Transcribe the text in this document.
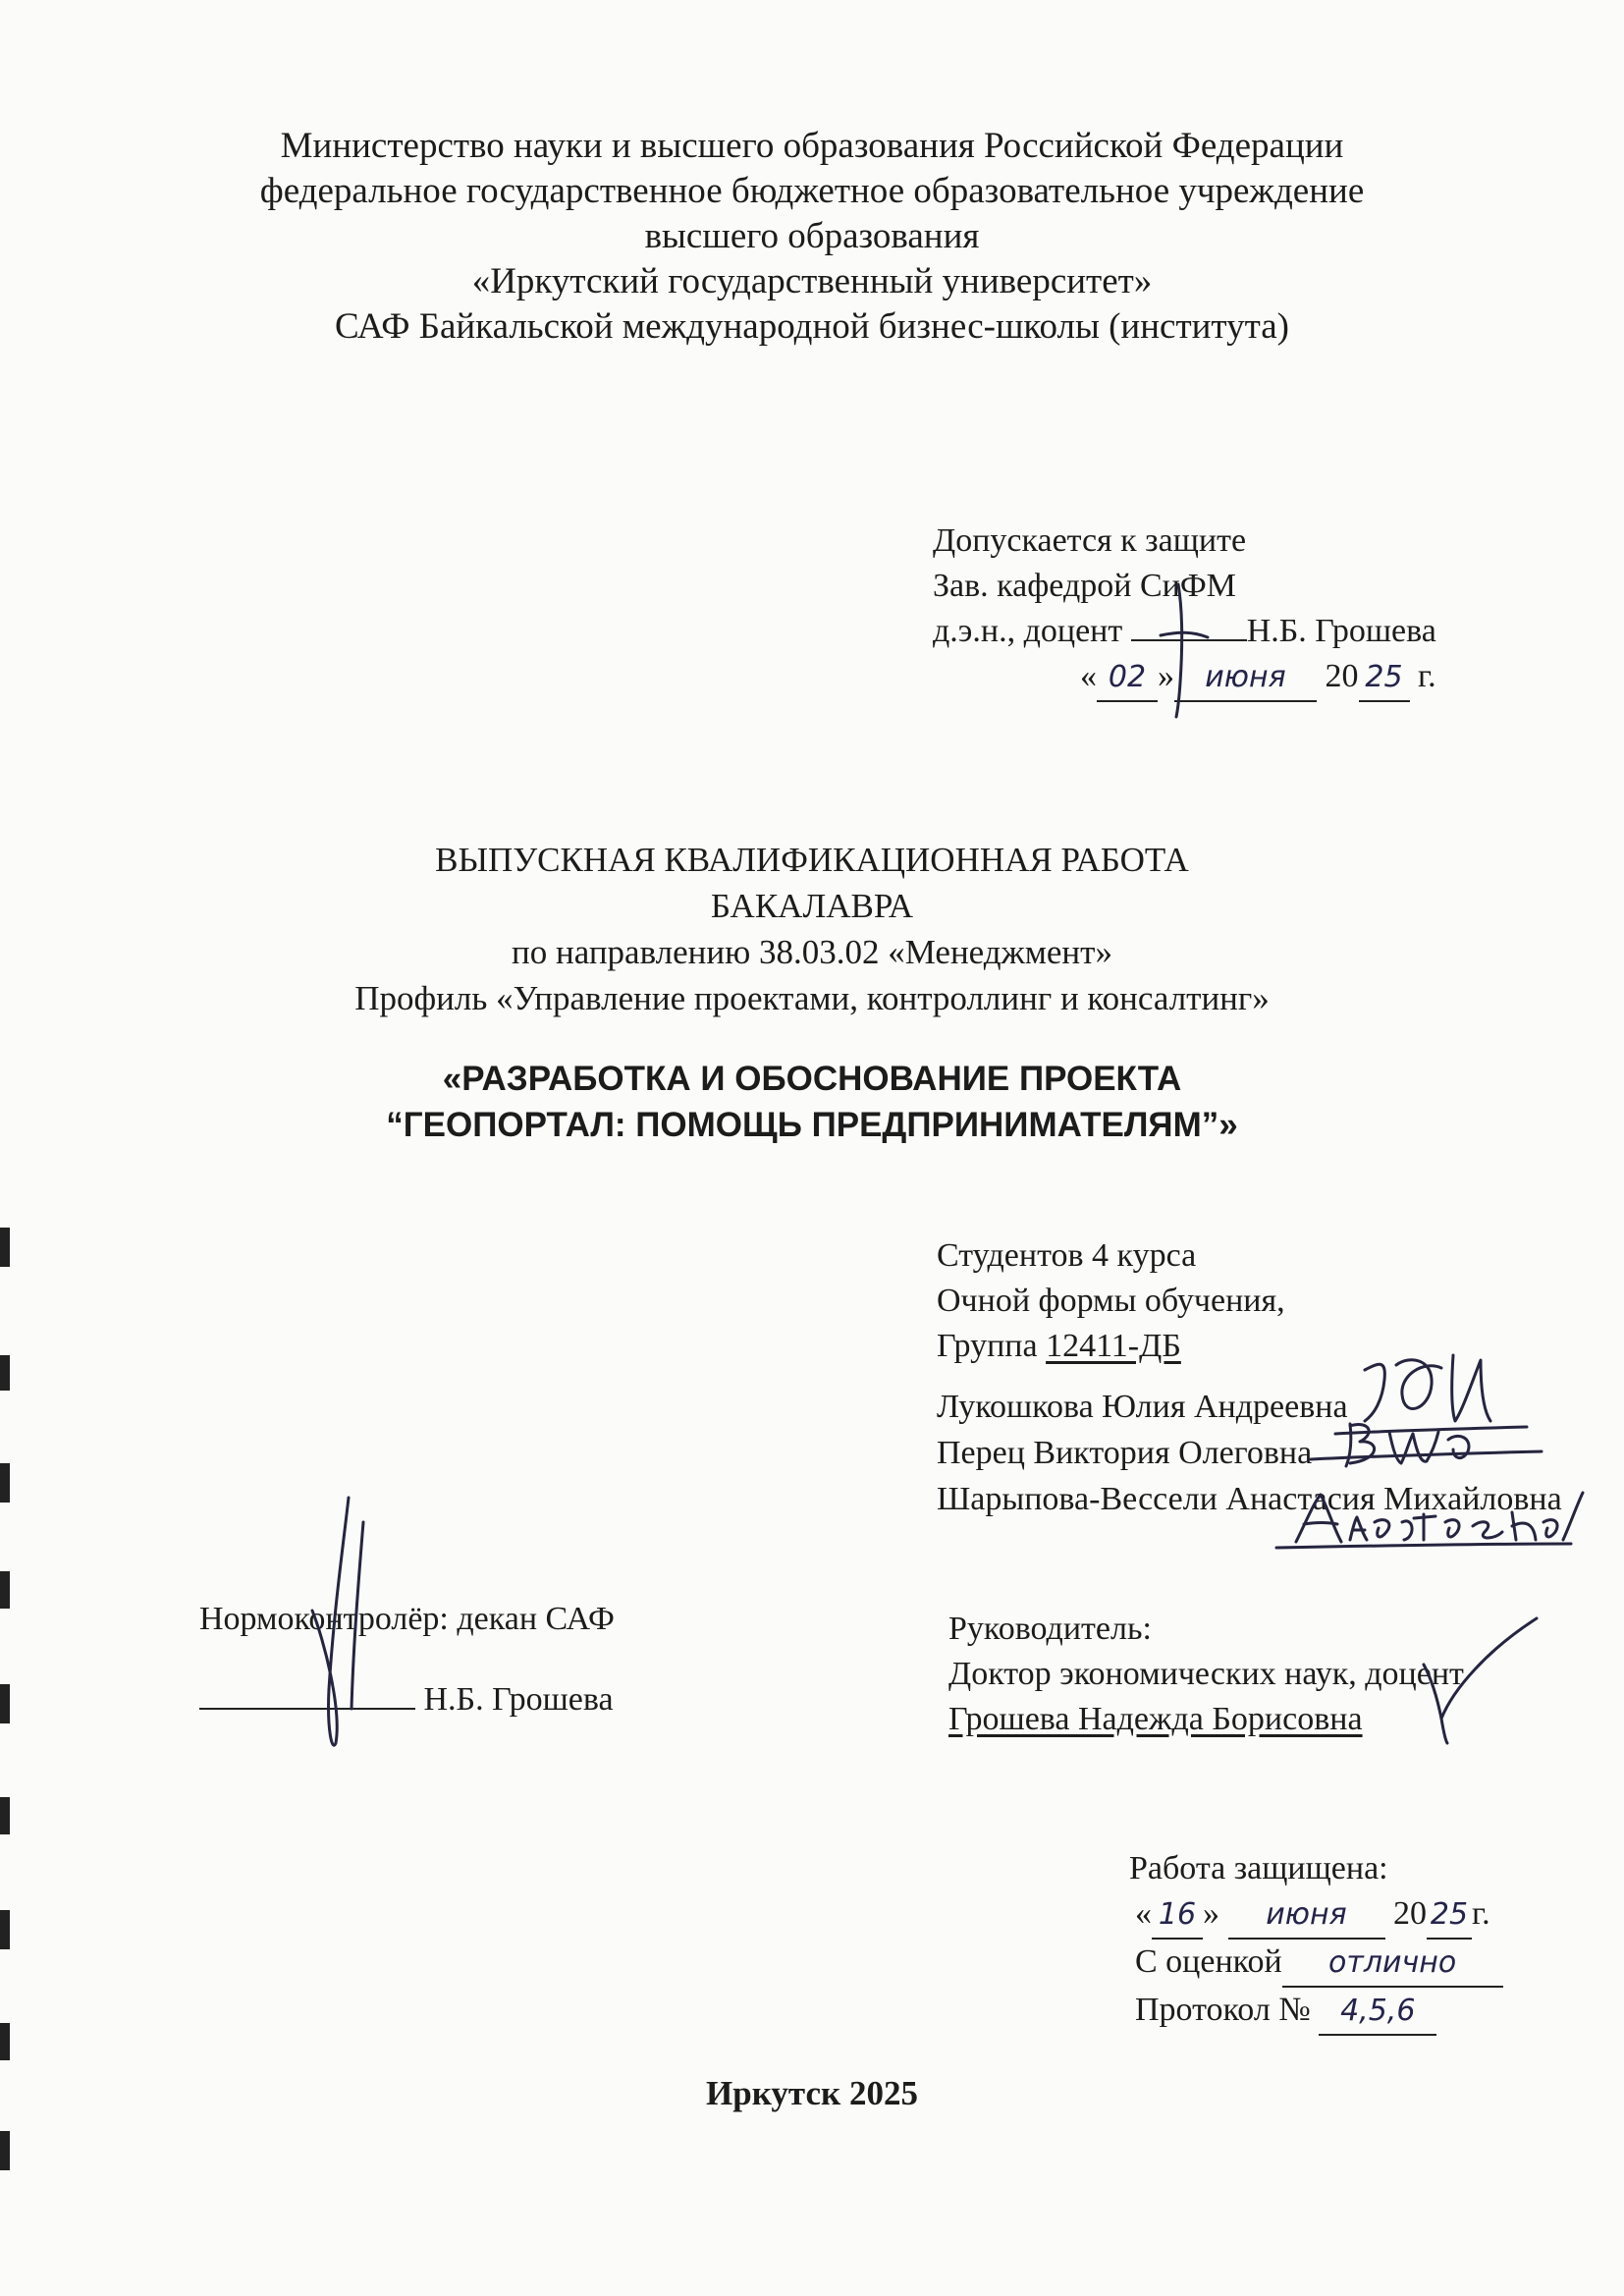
Министерство науки и высшего образования Российской Федерации
федеральное государственное бюджетное образовательное учреждение
высшего образования
«Иркутский государственный университет»
САФ Байкальской международной бизнес-школы (института)
Допускается к защите
Зав. кафедрой СиФМ
д.э.н., доцент	Н.Б. Грошева
« 02 » июня 20 25 г.
ВЫПУСКНАЯ КВАЛИФИКАЦИОННАЯ РАБОТА
БАКАЛАВРА
по направлению 38.03.02 «Менеджмент»
Профиль «Управление проектами, контроллинг и консалтинг»
«РАЗРАБОТКА И ОБОСНОВАНИЕ ПРОЕКТА
“ГЕОПОРТАЛ: ПОМОЩЬ ПРЕДПРИНИМАТЕЛЯМ”»
Студентов 4 курса
Очной формы обучения,
Группа 12411-ДБ
Лукошкова Юлия Андреевна
Перец Виктория Олеговна
Шарыпова-Вессели Анастасия Михайловна
Нормоконтролёр: декан САФ
Н.Б. Грошева
Руководитель:
Доктор экономических наук, доцент
Грошева Надежда Борисовна
Работа защищена:
« 16 » июня 20 25 г.
С оценкой отлично
Протокол № 4,5,6
Иркутск 2025
